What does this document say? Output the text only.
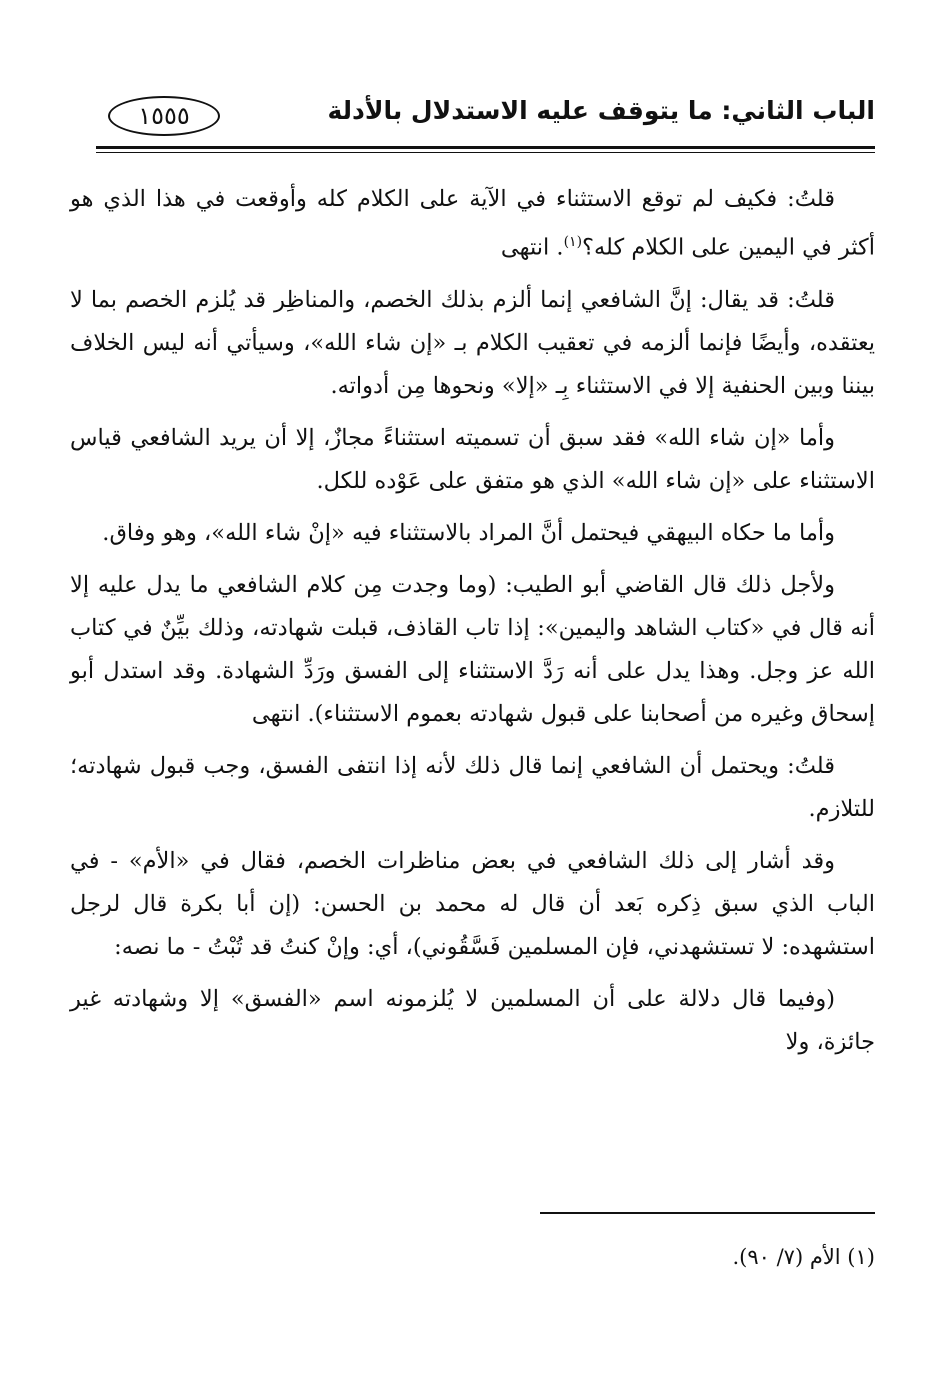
الباب الثاني: ما يتوقف عليه الاستدلال بالأدلة
١٥٥٥

قلتُ: فكيف لم توقع الاستثناء في الآية على الكلام كله وأوقعت في هذا الذي هو أكثر في اليمين على الكلام كله؟$^{(١)}$. انتهى

قلتُ: قد يقال: إنَّ الشافعي إنما ألزم بذلك الخصم، والمناظِر قد يُلزم الخصم بما لا يعتقده، وأيضًا فإنما ألزمه في تعقيب الكلام بـ «إن شاء الله»، وسيأتي أنه ليس الخلاف بيننا وبين الحنفية إلا في الاستثناء بِـ «إلا» ونحوها مِن أدواته.

وأما «إن شاء الله» فقد سبق أن تسميته استثناءً مجازٌ، إلا أن يريد الشافعي قياس الاستثناء على «إن شاء الله» الذي هو متفق على عَوْده للكل.

وأما ما حكاه البيهقي فيحتمل أنَّ المراد بالاستثناء فيه «إنْ شاء الله»، وهو وفاق.

ولأجل ذلك قال القاضي أبو الطيب: (وما وجدت مِن كلام الشافعي ما يدل عليه إلا أنه قال في «كتاب الشاهد واليمين»: إذا تاب القاذف، قبلت شهادته، وذلك بيِّنٌ في كتاب الله عز وجل. وهذا يدل على أنه رَدَّ الاستثناء إلى الفسق ورَدِّ الشهادة. وقد استدل أبو إسحاق وغيره من أصحابنا على قبول شهادته بعموم الاستثناء). انتهى

قلتُ: ويحتمل أن الشافعي إنما قال ذلك لأنه إذا انتفى الفسق، وجب قبول شهادته؛ للتلازم.

وقد أشار إلى ذلك الشافعي في بعض مناظرات الخصم، فقال في «الأم» - في الباب الذي سبق ذِكره بَعد أن قال له محمد بن الحسن: (إن أبا بكرة قال لرجل استشهده: لا تستشهدني، فإن المسلمين فَسَّقُوني)، أي: وإنْ كنتُ قد تُبْتُ - ما نصه:

(وفيما قال دلالة على أن المسلمين لا يُلزمونه اسم «الفسق» إلا وشهادته غير جائزة، ولا

(١) الأم (٧/ ٩٠).
